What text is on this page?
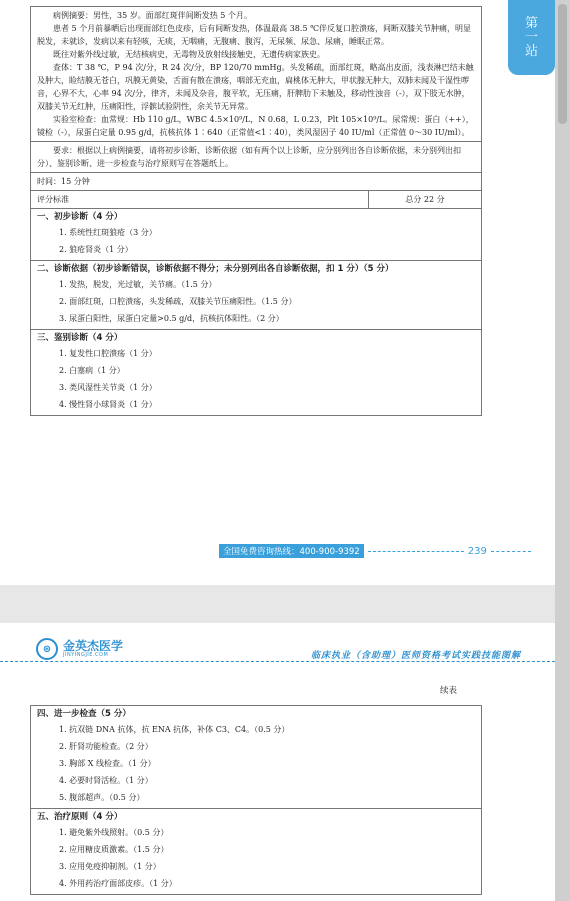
第
一
站

病例摘要：男性，35 岁。面部红斑伴间断发热 5 个月。

患者 5 个月前暴晒后出现面部红色皮疹，后有间断发热，体温最高 38.5 ℃伴反复口腔溃疡，间断双膝关节肿痛，明显脱发，未就诊，发病以来有轻咳，无痰，无咽痛，无腹痛、腹泻，无尿频、尿急、尿痛，睡眠正常。

既往对紫外线过敏，无结核病史，无毒物及放射线接触史，无遗传病家族史。

查体：T 38 ℃，P 94 次/分，R 24 次/分，BP 120/70 mmHg。头发稀疏，面部红斑，略高出皮面，浅表淋巴结未触及肿大，睑结膜无苍白，巩膜无黄染，舌面有散在溃疡，咽部无充血，扁桃体无肿大，甲状腺无肿大，双肺未闻及干湿性啰音，心界不大，心率 94 次/分，律齐，未闻及杂音，腹平软，无压痛，肝脾肋下未触及，移动性浊音（-），双下肢无水肿，双膝关节无红肿，压痛阳性，浮髌试验阴性，余关节无异常。

实验室检查：血常规：Hb 110 g/L，WBC 4.5×10⁹/L，N 0.68，L 0.23，Plt 105×10⁹/L。尿常规：蛋白（++），镜检（-），尿蛋白定量 0.95 g/d，抗核抗体 1∶640（正常值<1∶40），类风湿因子 40 IU/ml（正常值 0～30 IU/ml）。

要求：根据以上病例摘要，请将初步诊断、诊断依据（如有两个以上诊断，应分别列出各自诊断依据，未分别列出扣分）、鉴别诊断、进一步检查与治疗原则写在答题纸上。

时间：15 分钟
评分标准	总分 22 分

一、初步诊断（4 分）

1. 系统性红斑狼疮（3 分）

2. 狼疮肾炎（1 分）

二、诊断依据（初步诊断错误，诊断依据不得分；未分别列出各自诊断依据，扣 1 分）（5 分）

1. 发热，脱发，光过敏，关节痛。（1.5 分）

2. 面部红斑，口腔溃疡，头发稀疏，双膝关节压痛阳性。（1.5 分）

3. 尿蛋白阳性，尿蛋白定量>0.5 g/d，抗核抗体阳性。（2 分）

三、鉴别诊断（4 分）

1. 复发性口腔溃疡（1 分）

2. 白塞病（1 分）

3. 类风湿性关节炎（1 分）

4. 慢性肾小球肾炎（1 分）

全国免费咨询热线：400-900-9392	239
⊛ 金英杰医学
JINYINGJIE.COM	临床执业（含助理）医师资格考试实践技能图解
续表
四、进一步检查（5 分）

1. 抗双链 DNA 抗体，抗 ENA 抗体，补体 C3、C4。（0.5 分）

2. 肝肾功能检查。（2 分）

3. 胸部 X 线检查。（1 分）

4. 必要时肾活检。（1 分）

5. 腹部超声。（0.5 分）

五、治疗原则（4 分）

1. 避免紫外线照射。（0.5 分）

2. 应用糖皮质激素。（1.5 分）

3. 应用免疫抑制剂。（1 分）

4. 外用药治疗面部皮疹。（1 分）
